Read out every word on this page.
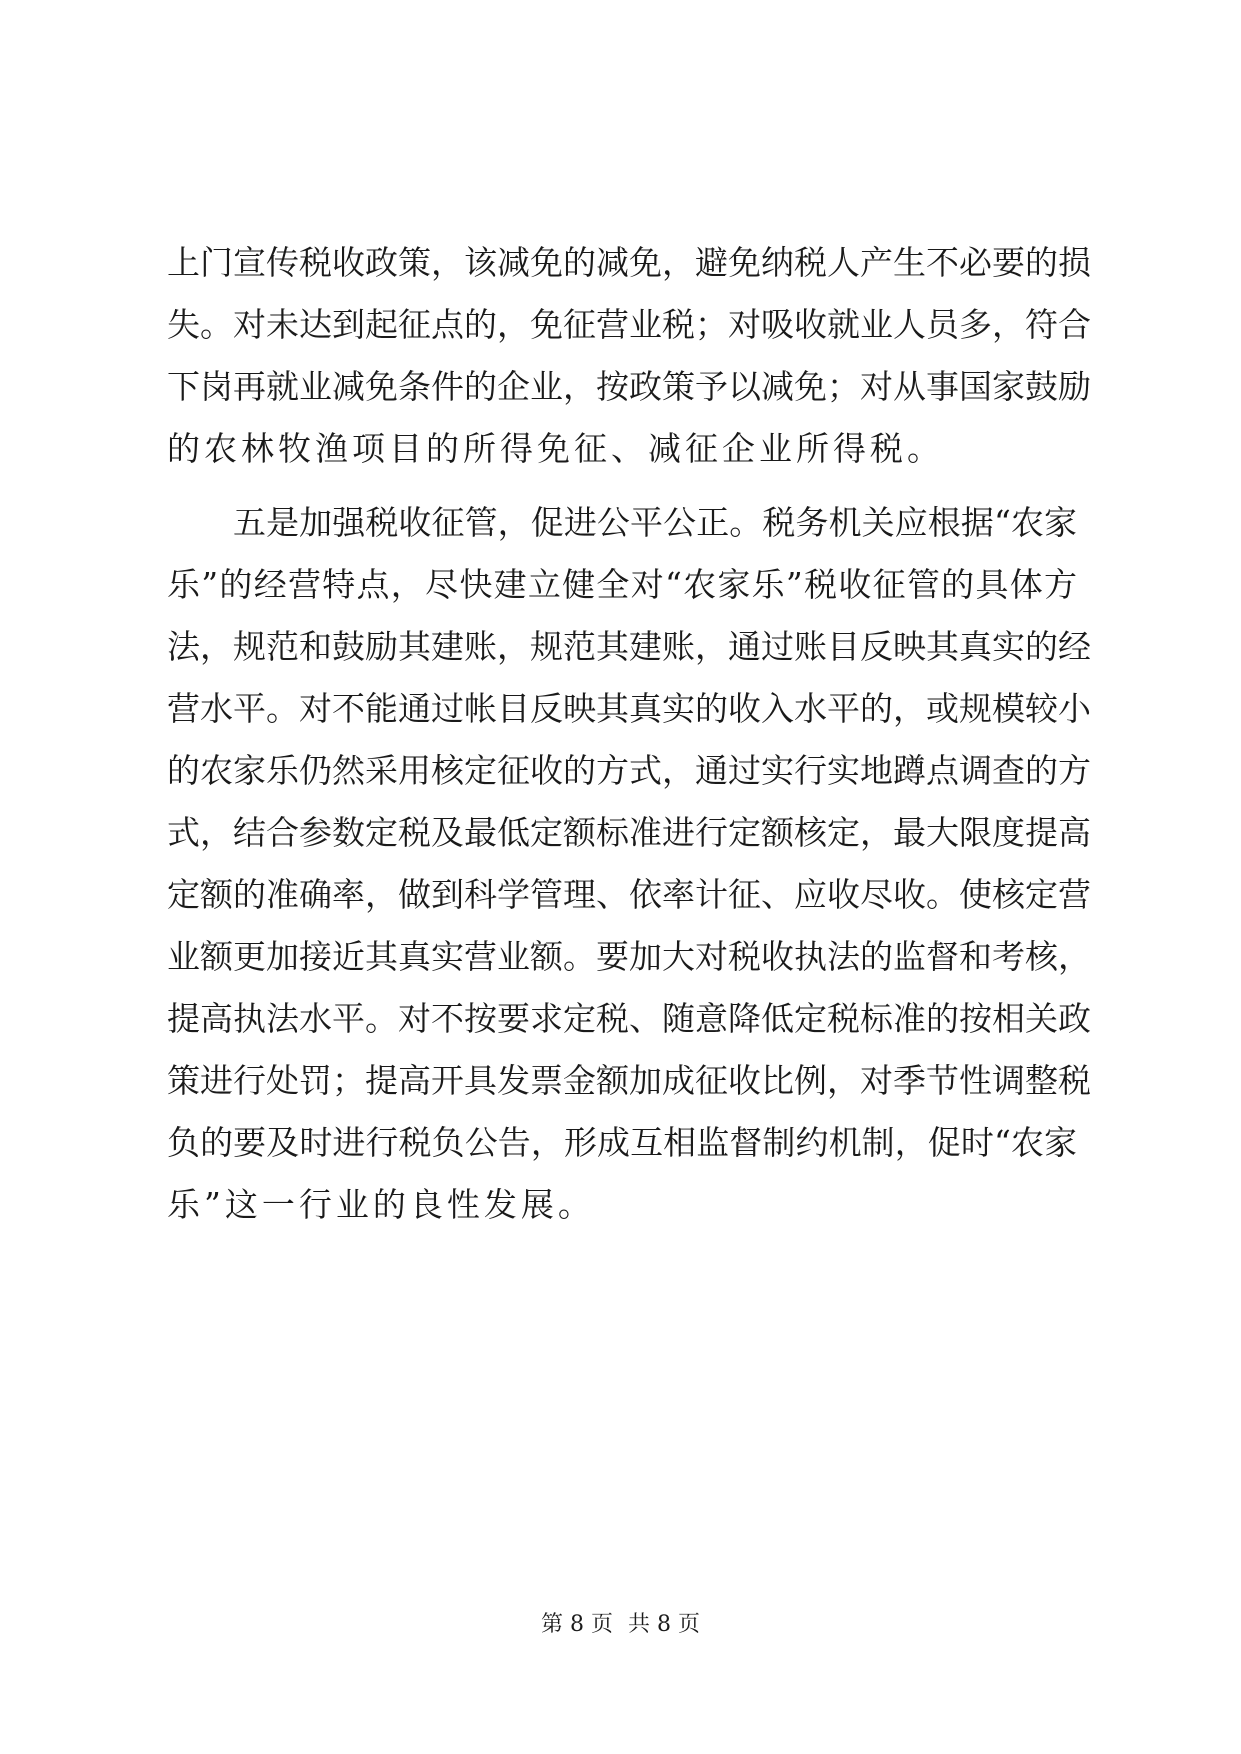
上门宣传税收政策，该减免的减免，避免纳税人产生不必要的损
失。对未达到起征点的，免征营业税；对吸收就业人员多，符合
下岗再就业减免条件的企业，按政策予以减免；对从事国家鼓励
的农林牧渔项目的所得免征、减征企业所得税。
五是加强税收征管，促进公平公正。税务机关应根据“农家
乐”的经营特点，尽快建立健全对“农家乐”税收征管的具体方
法，规范和鼓励其建账，规范其建账，通过账目反映其真实的经
营水平。对不能通过帐目反映其真实的收入水平的，或规模较小
的农家乐仍然采用核定征收的方式，通过实行实地蹲点调查的方
式，结合参数定税及最低定额标准进行定额核定，最大限度提高
定额的准确率，做到科学管理、依率计征、应收尽收。使核定营
业额更加接近其真实营业额。要加大对税收执法的监督和考核，
提高执法水平。对不按要求定税、随意降低定税标准的按相关政
策进行处罚；提高开具发票金额加成征收比例，对季节性调整税
负的要及时进行税负公告，形成互相监督制约机制，促时“农家
乐”这一行业的良性发展。
第 8 页 共 8 页
